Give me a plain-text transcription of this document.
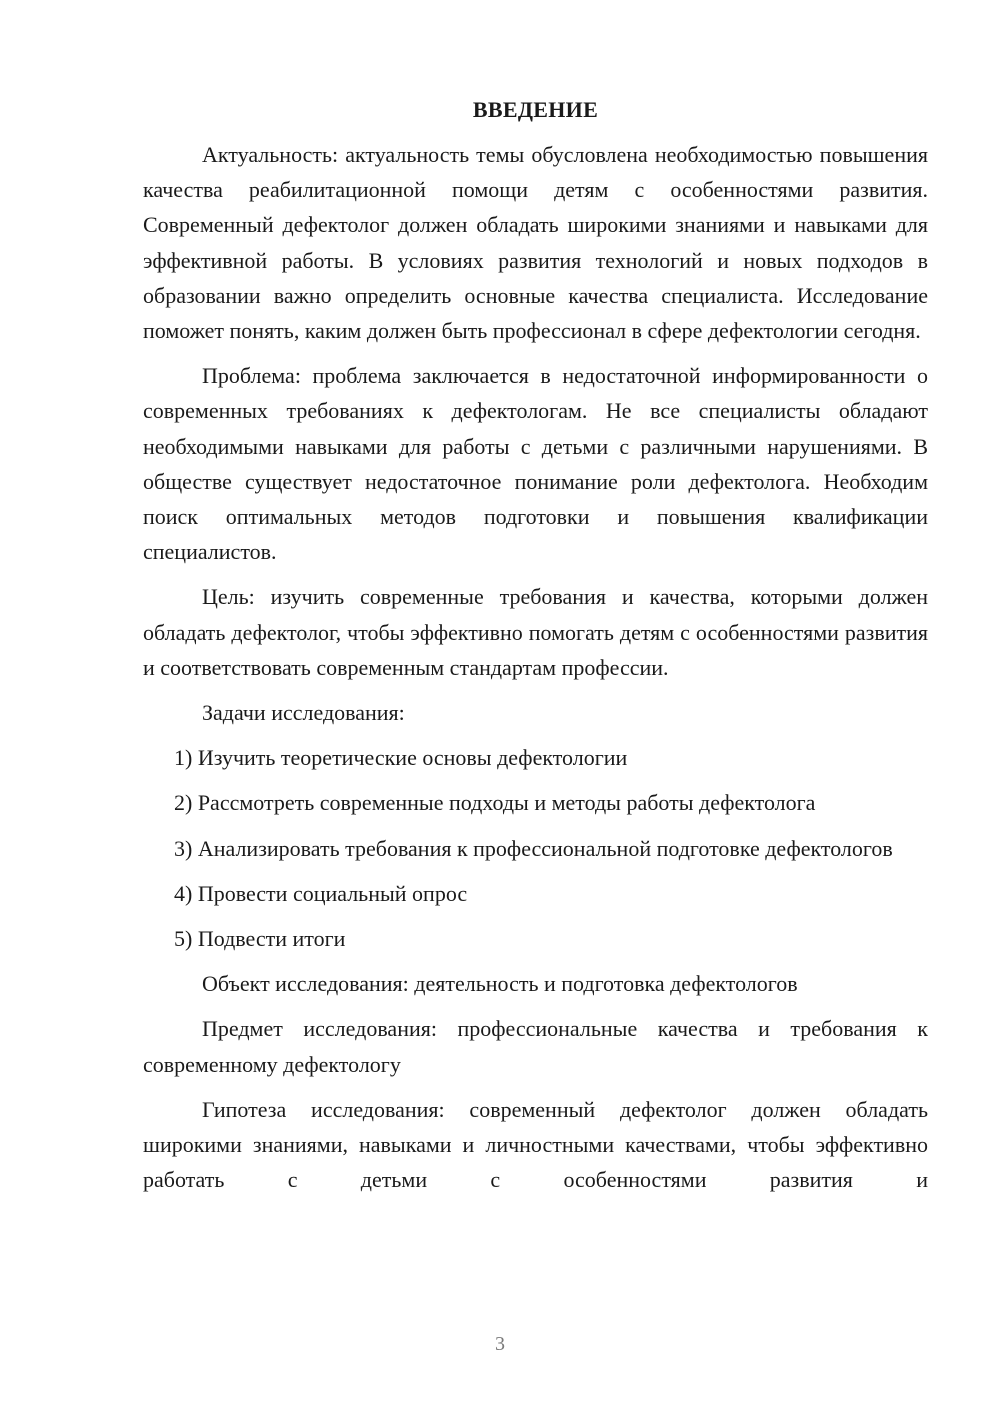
ВВЕДЕНИЕ

Актуальность: актуальность темы обусловлена необходимостью повышения качества реабилитационной помощи детям с особенностями развития. Современный дефектолог должен обладать широкими знаниями и навыками для эффективной работы. В условиях развития технологий и новых подходов в образовании важно определить основные качества специалиста. Исследование поможет понять, каким должен быть профессионал в сфере дефектологии сегодня.

Проблема: проблема заключается в недостаточной информированности о современных требованиях к дефектологам. Не все специалисты обладают необходимыми навыками для работы с детьми с различными нарушениями. В обществе существует недостаточное понимание роли дефектолога. Необходим поиск оптимальных методов подготовки и повышения квалификации специалистов.

Цель: изучить современные требования и качества, которыми должен обладать дефектолог, чтобы эффективно помогать детям с особенностями развития и соответствовать современным стандартам профессии.

Задачи исследования:

1) Изучить теоретические основы дефектологии

2) Рассмотреть современные подходы и методы работы дефектолога

3) Анализировать требования к профессиональной подготовке дефектологов

4) Провести социальный опрос

5) Подвести итоги

Объект исследования: деятельность и подготовка дефектологов

Предмет исследования: профессиональные качества и требования к современному дефектологу

Гипотеза исследования: современный дефектолог должен обладать широкими знаниями, навыками и личностными качествами, чтобы эффективно работать с детьми с особенностями развития и

3
